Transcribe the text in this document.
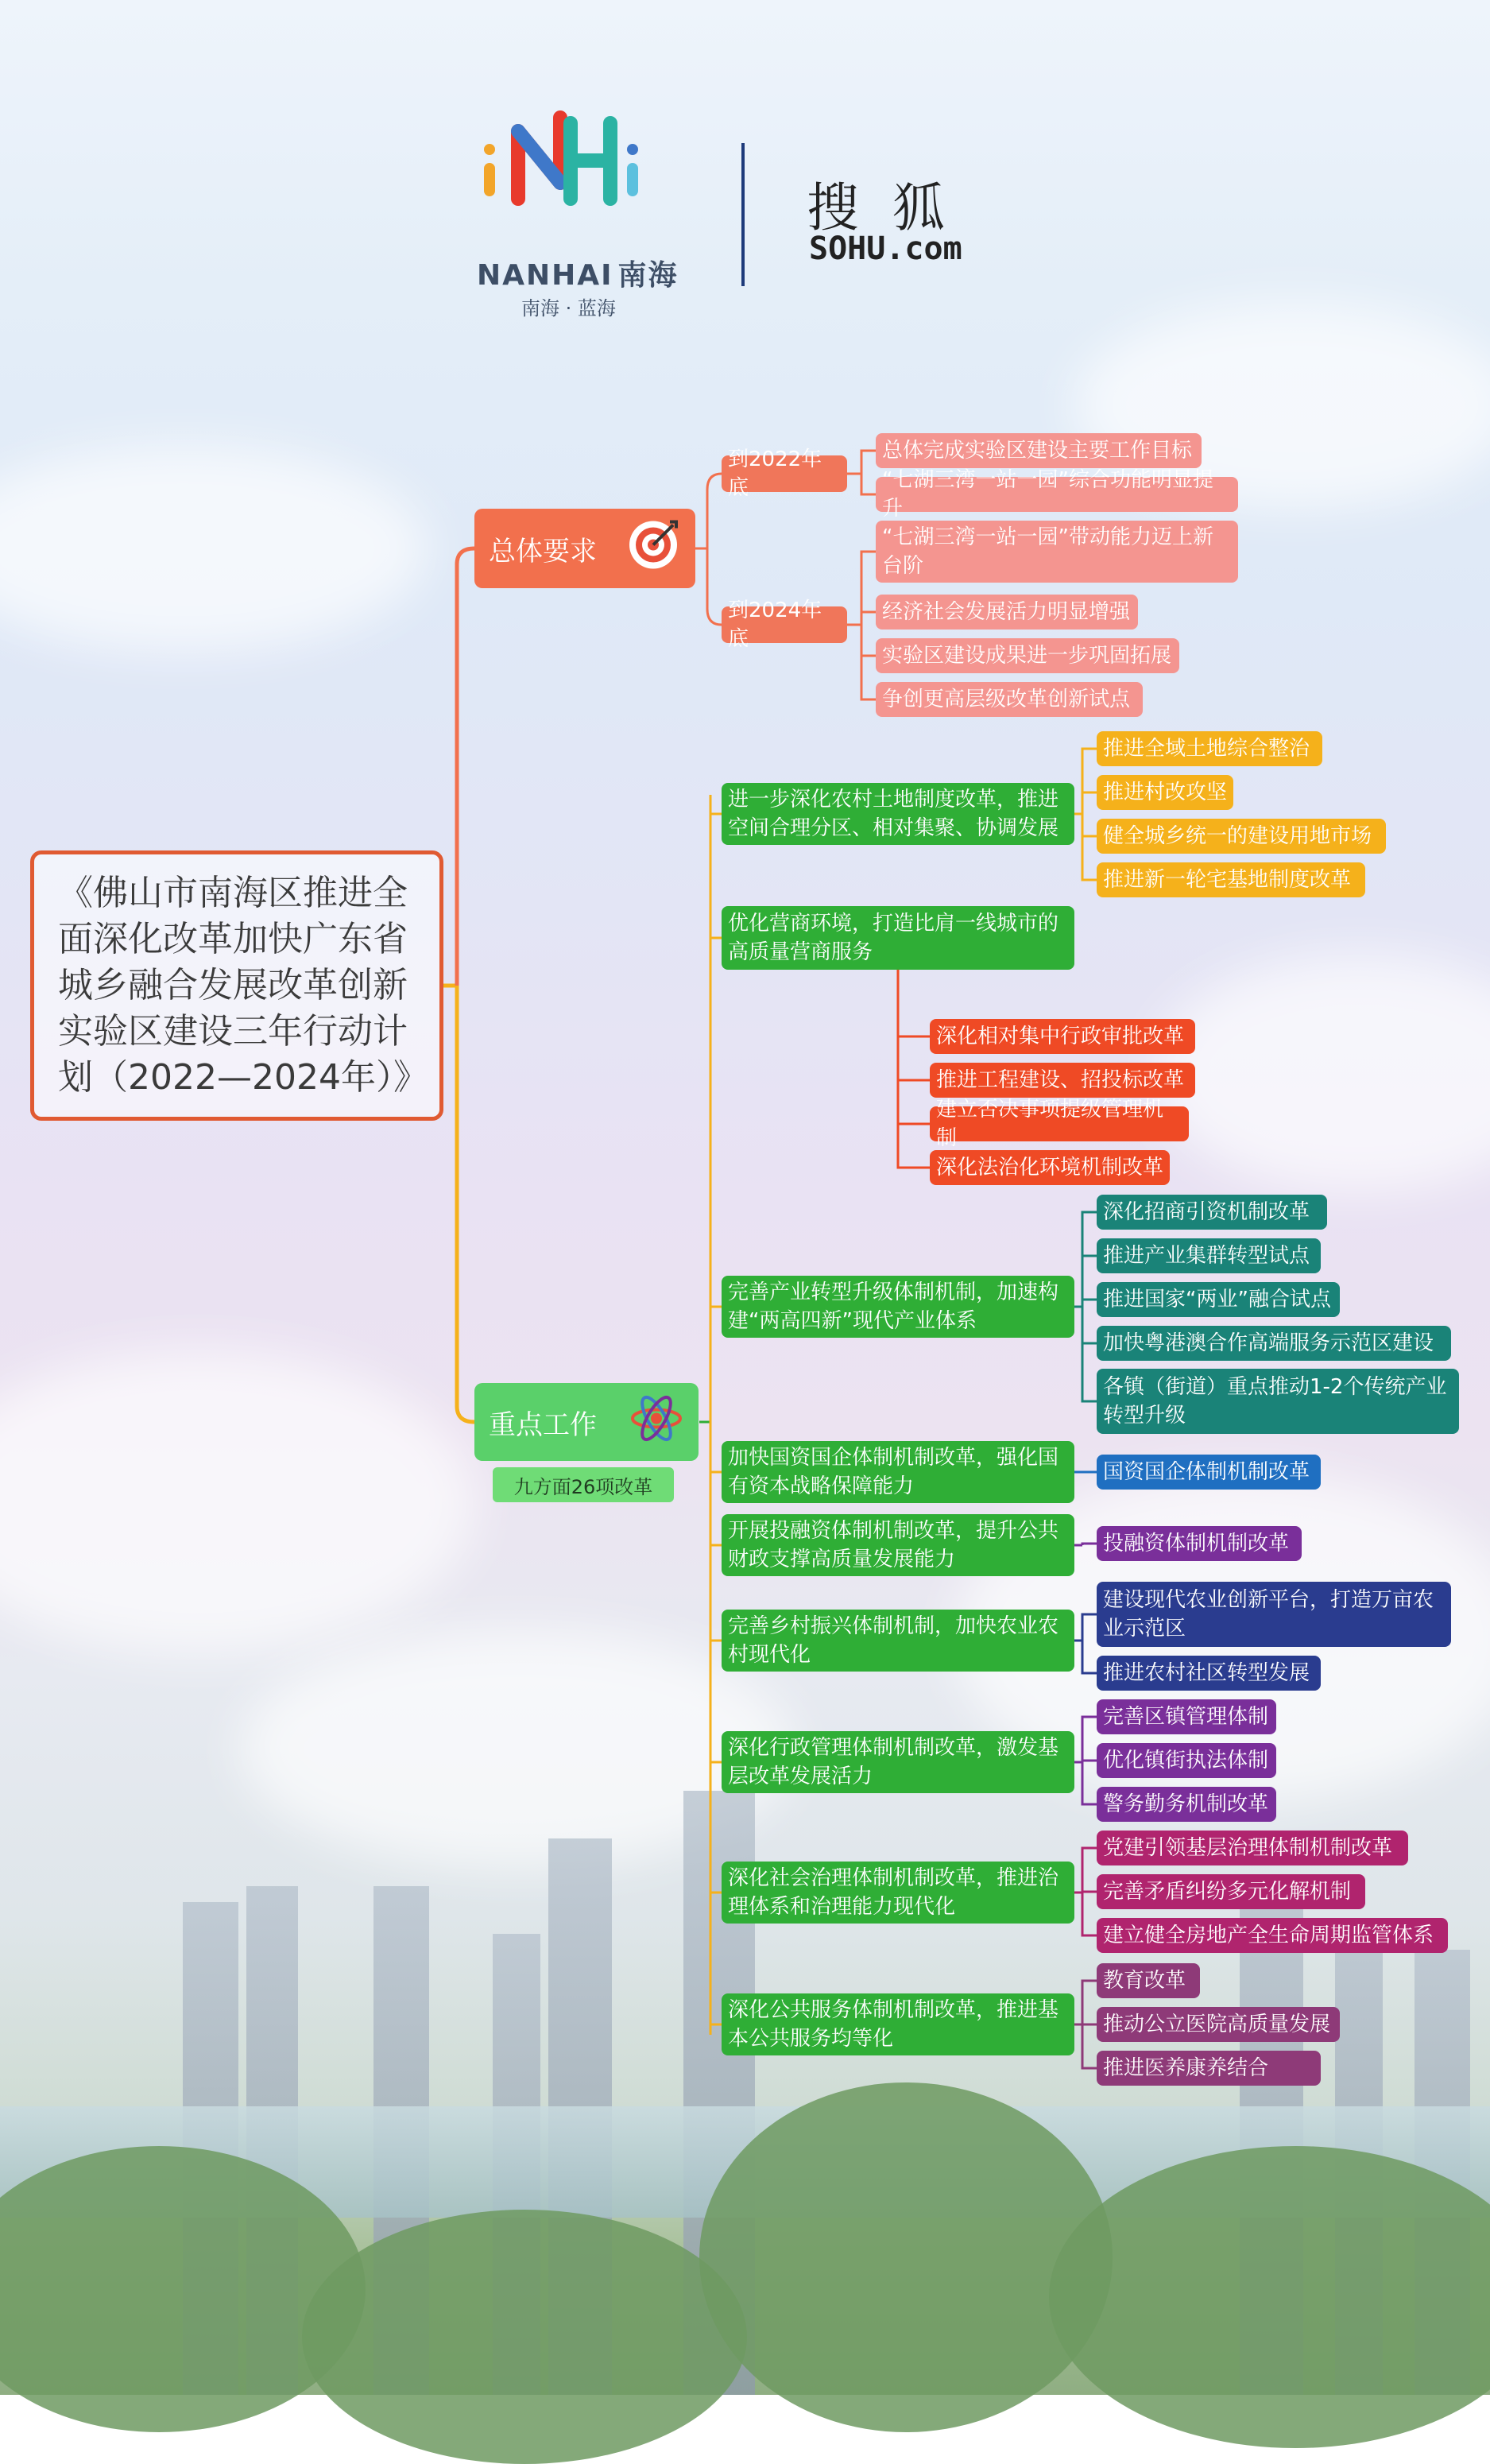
NANHAI 南海
南海 · 蓝海
搜  狐
SOHU.com
《佛山市南海区推进全面深化改革加快广东省城乡融合发展改革创新实验区建设三年行动计划（2022—2024年）》
总体要求
重点工作
九方面26项改革
到2022年底
总体完成实验区建设主要工作目标
“七湖三湾一站一园”综合功能明显提升
到2024年底
“七湖三湾一站一园”带动能力迈上新台阶
经济社会发展活力明显增强
实验区建设成果进一步巩固拓展
争创更高层级改革创新试点
进一步深化农村土地制度改革，推进空间合理分区、相对集聚、协调发展
推进全域土地综合整治
推进村改攻坚
健全城乡统一的建设用地市场
推进新一轮宅基地制度改革
优化营商环境，打造比肩一线城市的高质量营商服务
深化相对集中行政审批改革
推进工程建设、招投标改革
建立否决事项提级管理机制
深化法治化环境机制改革
完善产业转型升级体制机制，加速构建“两高四新”现代产业体系
深化招商引资机制改革
推进产业集群转型试点
推进国家“两业”融合试点
加快粤港澳合作高端服务示范区建设
各镇（街道）重点推动1-2个传统产业转型升级
加快国资国企体制机制改革，强化国有资本战略保障能力
国资国企体制机制改革
开展投融资体制机制改革，提升公共财政支撑高质量发展能力
投融资体制机制改革
完善乡村振兴体制机制，加快农业农村现代化
建设现代农业创新平台，打造万亩农业示范区
推进农村社区转型发展
深化行政管理体制机制改革，激发基层改革发展活力
完善区镇管理体制
优化镇街执法体制
警务勤务机制改革
深化社会治理体制机制改革，推进治理体系和治理能力现代化
党建引领基层治理体制机制改革
完善矛盾纠纷多元化解机制
建立健全房地产全生命周期监管体系
深化公共服务体制机制改革，推进基本公共服务均等化
教育改革
推动公立医院高质量发展
推进医养康养结合
